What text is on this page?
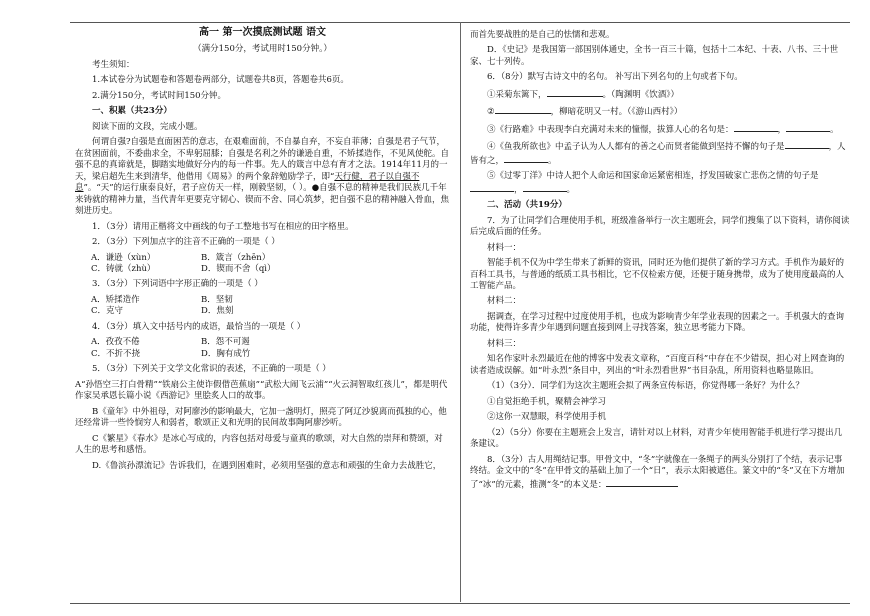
高一 第一次摸底测试题 语文
（满分150分，考试用时150分钟。）

考生须知：

1.本试卷分为试题卷和答题卷两部分，试题卷共8页，答题卷共6页。

2.满分150分，考试时间150分钟。

一、积累（共23分）

阅读下面的文段，完成小题。

何谓自强?自强是直面困苦的意志，在艰难面前，不自暴自弃，不妄自菲薄；自强是君子气节，在贫困面前，不委曲求全，不卑躬屈膝；自强是名利之外的谦逊自重，不矫揉造作，不见风使舵。自强不息的真谛就是，脚踏实地做好分内的每一件事。先人的箴言中总有育才之法。1914年11月的一天，梁启超先生来到清华，他借用《周易》的两个象辞勉励学子，即“天行健，君子以自强不息”。“天”的运行康泰良好，君子应仿天一样，刚毅坚韧，（ ）。●自强不息的精神是我们民族几千年来铸就的精神力量，当代青年更要克守韧心、锲而不舍、同心筑梦，把自强不息的精神融入骨血，焦刻进历史。

1．（3分）请用正楷将文中画线的句子工整地书写在相应的田字格里。

2．（3分）下列加点字的注音不正确的一项是（ ）

A．谦逊（xùn）	B．箴言（zhēn）
C．铸就（zhù）	D．锲而不舍（qì）

3．（3分）下列词语中字形正确的一项是（ ）

A．矫揉造作	B．坚韧
C．克守	D．焦刻

4．（3分）填入文中括号内的成语，最恰当的一项是（ ）

A．孜孜不倦	B．怨不可遏
C．不折不挠	D．胸有成竹

5．（3分）下列关于文学文化常识的表述，不正确的一项是（ ）

A“孙悟空三打白骨精”“铁扇公主使诈假借芭蕉扇”“武松大闹飞云浦”“火云洞智取红孩儿”，都是明代作家吴承恩长篇小说《西游记》里脍炙人口的故事。

B《童年》中外祖母，对阿廖沙的影响最大，它加一盏明灯，照亮了阿辽沙貌离而孤独的心，他还经常讲一些怜悯穷人和弱者，歌颂正义和光明的民间故事陶阿廖沙听。

C《繁星》《春水》是冰心写成的，内容包括对母爱与童真的歌颂，对大自然的崇拜和赞颂，对人生的思考和感悟。

D.《鲁滨孙漂流记》告诉我们，在遇到困难时，必须用坚强的意志和顽强的生命力去战胜它，

而首先要战胜的是自己的怯懦和悲观。

D．《史记》是我国第一部国别体通史，全书一百三十篇，包括十二本纪、十表、八书、三十世家、七十列传。

6．（8分）默写古诗文中的名句。 补写出下列名句的上句或者下句。

①采菊东篱下，	。（陶渊明《饮酒》）

②	，柳暗花明又一村。（《游山西村》）

③《行路难》中表现李白充满对未来的憧憬，拔算人心的名句是：	，	。

④《鱼我所欲也》中孟子认为人人都有的善之心而贤者能做到坚持不懈的句子是	，人皆有之，	。

⑤《过零丁洋》中诗人把个人命运和国家命运紧密相连，抒发国破家亡悲伤之情的句子是，	。

二、活动（共19分）

7．为了让同学们合理使用手机，班级准备举行一次主题班会，同学们搜集了以下资料，请你阅读后完成后面的任务。

材料一：

智能手机不仅为中学生带来了新鲜的资讯，同时还为他们提供了新的学习方式。手机作为最好的百科工具书，与普通的纸质工具书相比，它不仅检索方便，还便于随身携带，成为了使用度最高的人工智能产品。

材料二：

据调查，在学习过程中过度使用手机，也成为影响青少年学业表现的因素之一。手机强大的查询功能，使得许多青少年遇到问题直接到网上寻找答案，独立思考能力下降。

材料三：

知名作家叶永烈最近在他的博客中发表文章称，“百度百科”中存在不少错误，担心对上网查询的读者造成误解。如“叶永烈”条目中，列出的“叶永烈看世界”书目杂乱，所用资料也略显陈旧。

（1）（3分）．同学们为这次主题班会拟了两条宣传标语，你觉得哪一条好？为什么？

①自觉拒绝手机，聚精会神学习

②这你一双慧眼，科学使用手机

（2）（5分）你要在主题班会上发言，请针对以上材料，对青少年使用智能手机进行学习提出几条建议。

8．（3分）古人用绳结记事。甲骨文中，“冬”字就像在一条绳子的两头分别打了个结，表示记事终结。金文中的“冬”在甲骨文的基础上加了一个“日”，表示太阳被遮住。篆文中的“冬”又在下方增加了“冰”的元素，推测“冬”的本义是：
